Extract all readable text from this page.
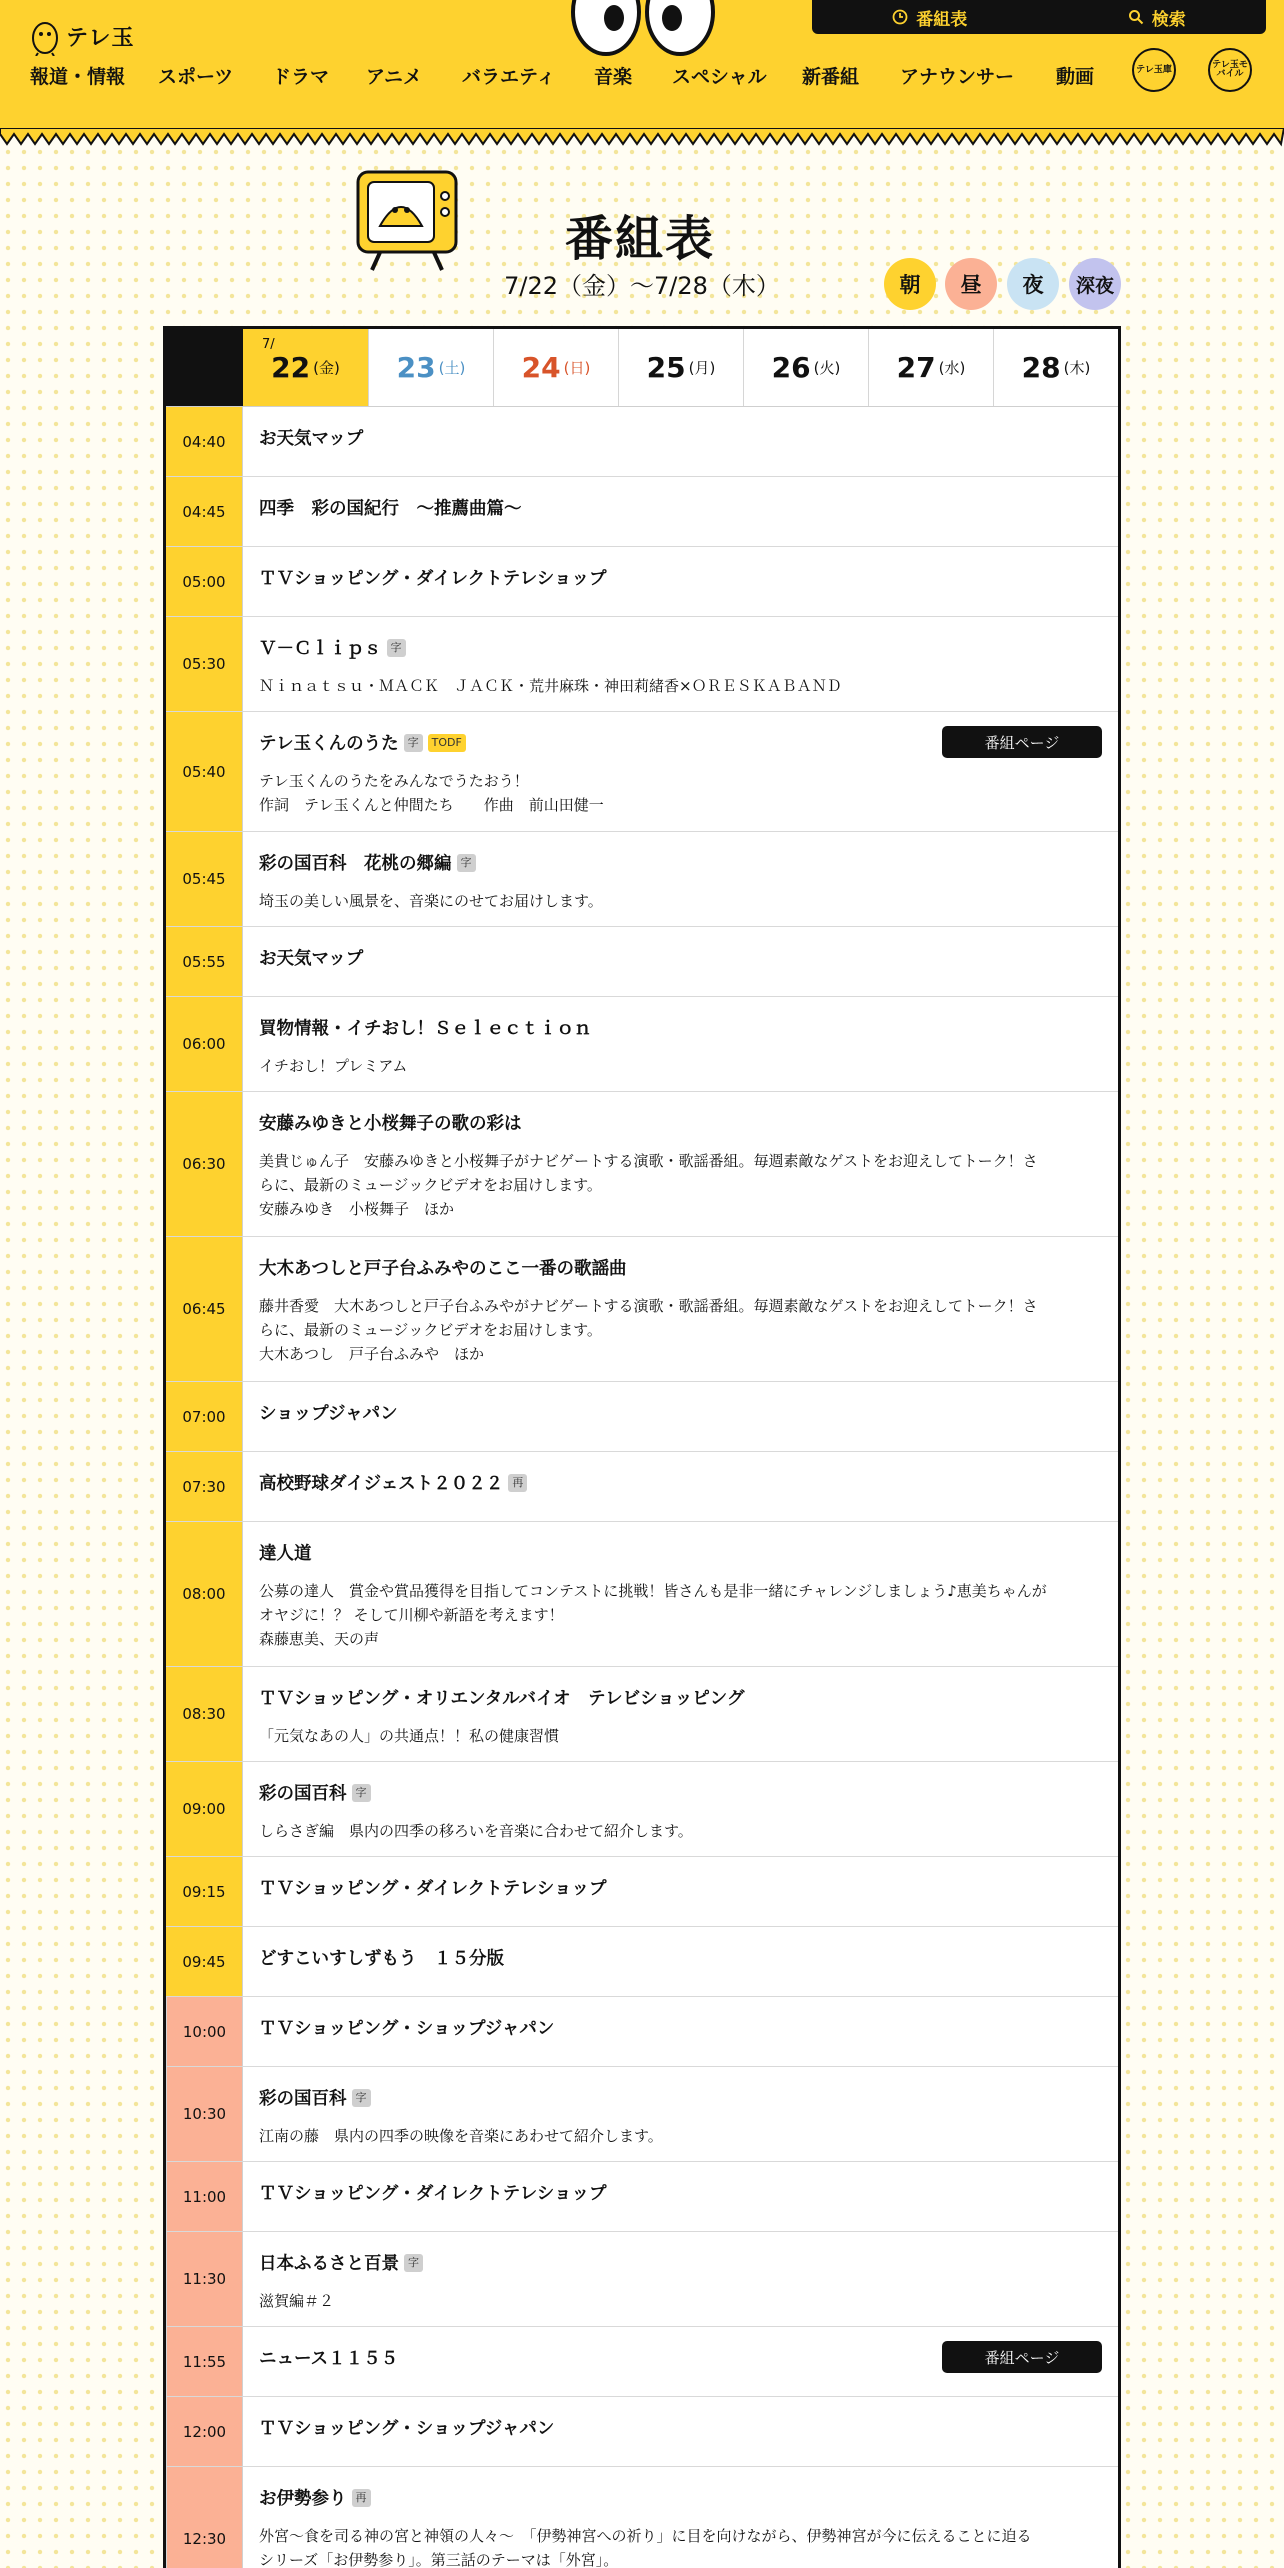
テレ玉
番組表	検索
報道・情報 スポーツ ドラマ アニメ バラエティ 音楽 スペシャル 新番組 アナウンサー 動画	テレ玉庫	テレ玉モバイル
番組表
7/22（金）〜7/28（木）	朝 昼 夜 深夜
7/
22 (金) 23 (土) 24 (日) 25 (月) 26 (火) 27 (水) 28 (木)
04:40	お天気マップ
04:45	四季　彩の国紀行　～推薦曲篇～
05:00	ＴＶショッピング・ダイレクトテレショップ
05:30
Ｖ－Ｃｌｉｐｓ 字
Ｎｉｎａｔｓｕ・ＭＡＣＫ　ＪＡＣＫ・荒井麻珠・神田莉緒香×ＯＲＥＳＫＡＢＡＮＤ
05:40
テレ玉くんのうた 字	TODF
テレ玉くんのうたをみんなでうたおう！
作詞　テレ玉くんと仲間たち　　作曲　前山田健一
番組ページ
05:45
彩の国百科　花桃の郷編 字
埼玉の美しい風景を、音楽にのせてお届けします。
05:55	お天気マップ
06:00
買物情報・イチおし！Ｓｅｌｅｃｔｉｏｎ
イチおし！プレミアム
06:30
安藤みゆきと小桜舞子の歌の彩は
美貴じゅん子　安藤みゆきと小桜舞子がナビゲートする演歌・歌謡番組。毎週素敵なゲストをお迎えしてトーク！さ
らに、最新のミュージックビデオをお届けします。
安藤みゆき　小桜舞子　ほか
06:45
大木あつしと戸子台ふみやのここ一番の歌謡曲
藤井香愛　大木あつしと戸子台ふみやがナビゲートする演歌・歌謡番組。毎週素敵なゲストをお迎えしてトーク！さ
らに、最新のミュージックビデオをお届けします。
大木あつし　戸子台ふみや　ほか
07:00	ショップジャパン
07:30	高校野球ダイジェスト２０２２ 再
08:00
達人道
公募の達人　賞金や賞品獲得を目指してコンテストに挑戦！皆さんも是非一緒にチャレンジしましょう♪恵美ちゃんが
オヤジに！？ そして川柳や新語を考えます！
森藤恵美、天の声
08:30
ＴＶショッピング・オリエンタルバイオ　テレビショッピング
「元気なあの人」の共通点！！私の健康習慣
09:00
彩の国百科 字
しらさぎ編　県内の四季の移ろいを音楽に合わせて紹介します。
09:15	ＴＶショッピング・ダイレクトテレショップ
09:45	どすこいすしずもう　１５分版
10:00	ＴＶショッピング・ショップジャパン
10:30
彩の国百科 字
江南の藤　県内の四季の映像を音楽にあわせて紹介します。
11:00	ＴＶショッピング・ダイレクトテレショップ
11:30
日本ふるさと百景 字
滋賀編＃２
11:55	ニュース１１５５	番組ページ
12:00	ＴＶショッピング・ショップジャパン
12:30
お伊勢参り 再
外宮～食を司る神の宮と神領の人々～　「伊勢神宮への祈り」に目を向けながら、伊勢神宮が今に伝えることに迫る
シリーズ「お伊勢参り」。第三話のテーマは「外宮」。
